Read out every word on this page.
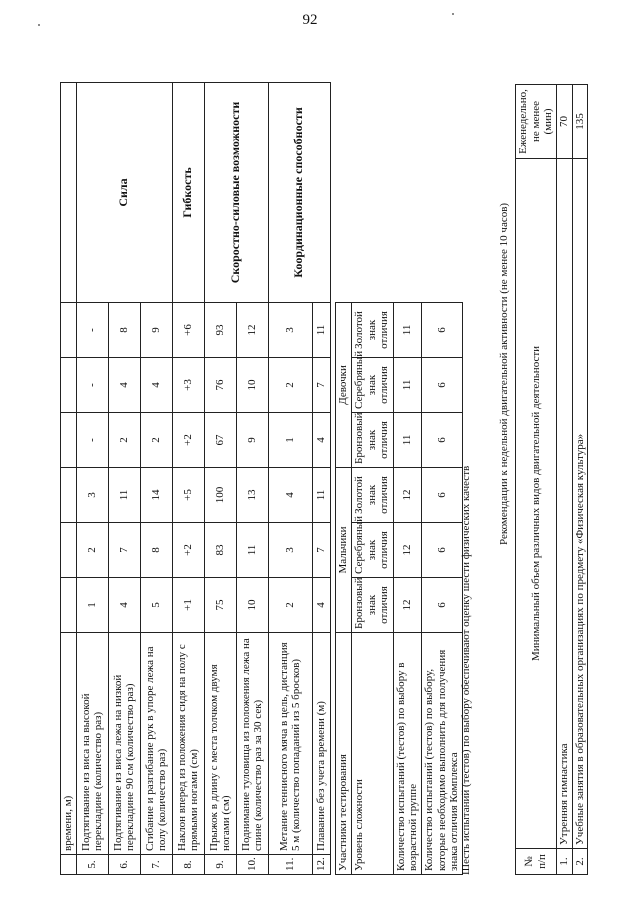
92
	времени, м)							
5.	Подтягивание из виса на высокой перекладине (количество раз)	1	2	3	-	-	-	Сила
6.	Подтягивание из виса лежа на низкой перекладине 90 см (количество раз)	4	7	11	2	4	8	
7.	Сгибание и разгибание рук в упоре лежа на полу (количество раз)	5	8	14	2	4	9	
8.	Наклон вперед из положения сидя на полу с прямыми ногами (см)	+1	+2	+5	+2	+3	+6	Гибкость
9.	Прыжок в длину с места толчком двумя ногами (см)	75	83	100	67	76	93	Скоростно-силовые возможности
10.	Поднимание туловища из положения лежа на спине (количество раз за 30 сек)	10	11	13	9	10	12	
11.	Метание теннисного мяча в цель, дистанция 5 м (количество попаданий из 5 бросков)	2	3	4	1	2	3	Координационные способности
12.	Плавание без учета времени (м)	4	7	11	4	7	11	
Участники тестирования	Мальчики			Девочки			
Уровень сложности	Бронзовый знак отличия	Серебряный знак отличия	Золотой знак отличия	Бронзовый знак отличия	Серебряный знак отличия	Золотой знак отличия	
Количество испытаний (тестов) по выбору в возрастной группе	12	12	12	11	11	11	
Количество испытаний (тестов) по выбору, которые необходимо выполнить для получения знака отличия Комплекса	6	6	6	6	6	6	
Шесть испытаний (тестов) по выбору обеспечивают оценку шести физических качеств
Рекомендации к недельной двигательной активности (не менее 10 часов)
№ п/п	Минимальный объем различных видов двигательной деятельности	Еженедельно, не менее (мин)
1.	Утренняя гимнастика	70
2.	Учебные занятия в образовательных организациях по предмету «Физическая культура»	135
